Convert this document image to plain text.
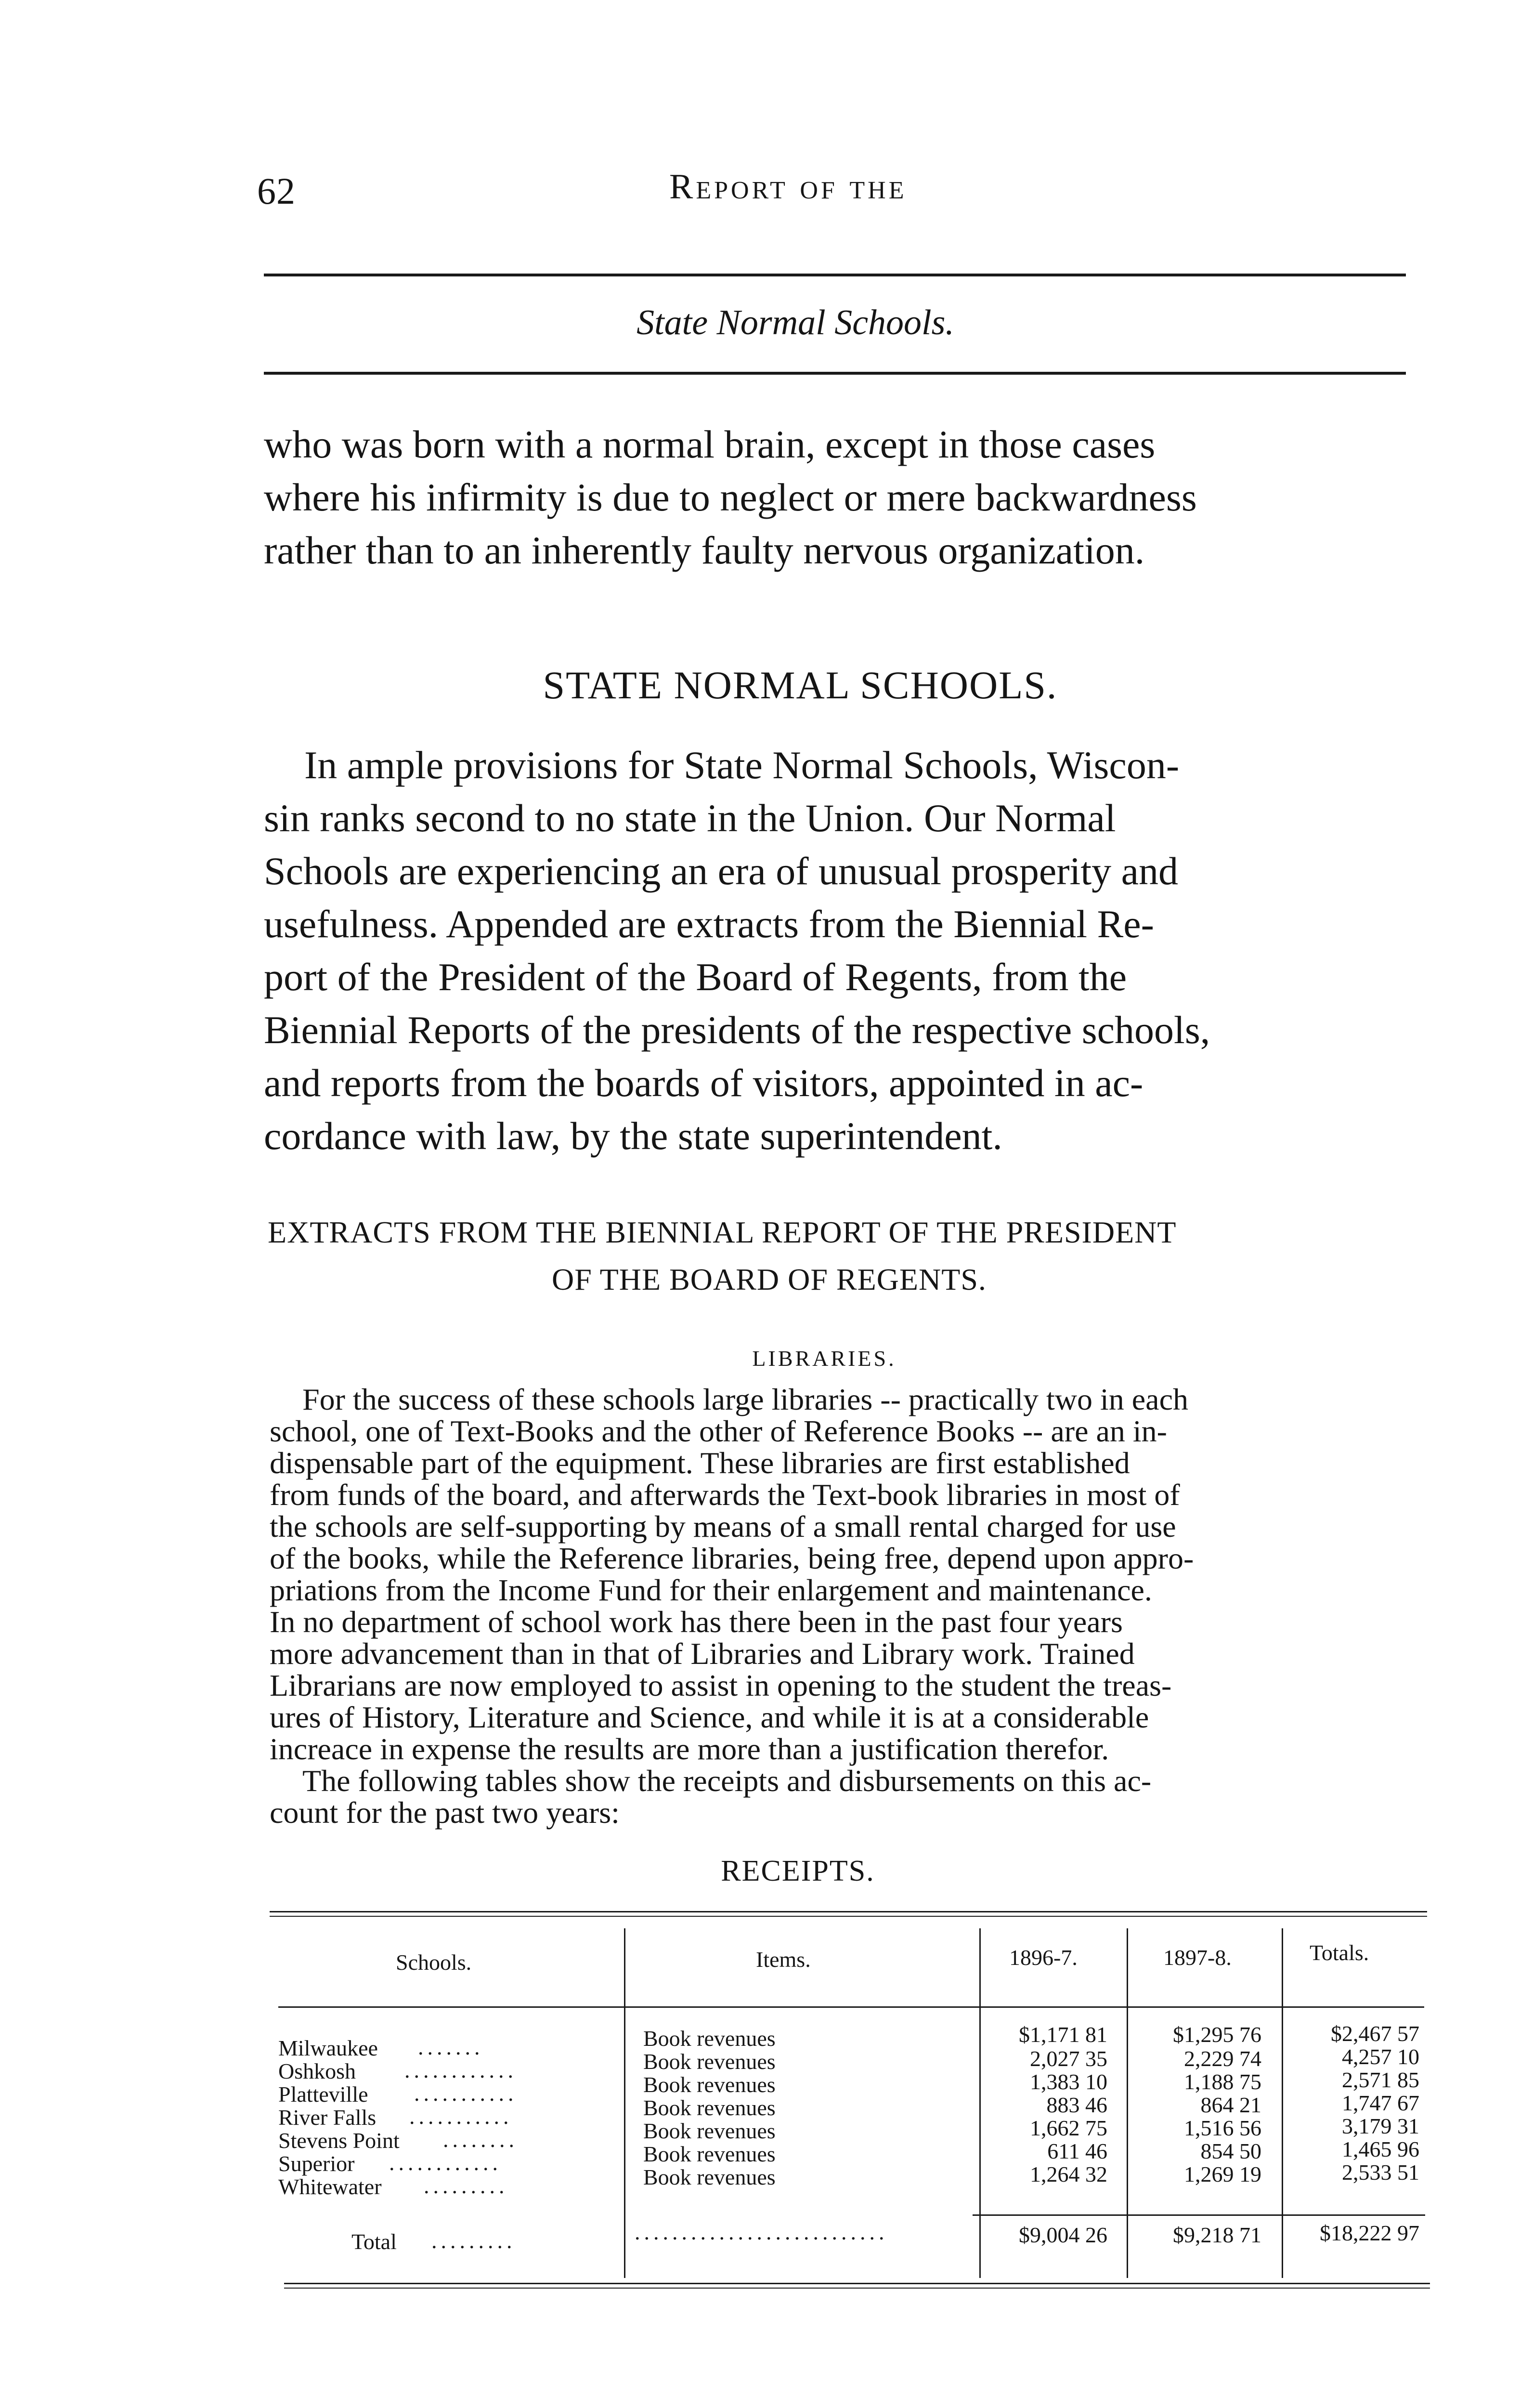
62	Report of the
State Normal Schools.
who was born with a normal brain, except in those cases
where his infirmity is due to neglect or mere backwardness
rather than to an inherently faulty nervous organization.
STATE NORMAL SCHOOLS.
In ample provisions for State Normal Schools, Wiscon-
sin ranks second to no state in the Union. Our Normal
Schools are experiencing an era of unusual prosperity and
usefulness. Appended are extracts from the Biennial Re-
port of the President of the Board of Regents, from the
Biennial Reports of the presidents of the respective schools,
and reports from the boards of visitors, appointed in ac-
cordance with law, by the state superintendent.
EXTRACTS FROM THE BIENNIAL REPORT OF THE PRESIDENT
OF THE BOARD OF REGENTS.
LIBRARIES.
For the success of these schools large libraries -- practically two in each
school, one of Text-Books and the other of Reference Books -- are an in-
dispensable part of the equipment. These libraries are first established
from funds of the board, and afterwards the Text-book libraries in most of
the schools are self-supporting by means of a small rental charged for use
of the books, while the Reference libraries, being free, depend upon appro-
priations from the Income Fund for their enlargement and maintenance.
In no department of school work has there been in the past four years
more advancement than in that of Libraries and Library work. Trained
Librarians are now employed to assist in opening to the student the treas-
ures of History, Literature and Science, and while it is at a considerable
increace in expense the results are more than a justification therefor.
The following tables show the receipts and disbursements on this ac-
count for the past two years:
RECEIPTS.
Schools.	Items.	1896-7.	1897-8.	Totals.
Milwaukee .......	Book revenues	$1,171 81	$1,295 76	$2,467 57
Oshkosh ............	Book revenues	2,027 35	2,229 74	4,257 10
Platteville ...........	Book revenues	1,383 10	1,188 75	2,571 85
River Falls ...........	Book revenues	883 46	864 21	1,747 67
Stevens Point ........	Book revenues	1,662 75	1,516 56	3,179 31
Superior ............	Book revenues	611 46	854 50	1,465 96
Whitewater .........	Book revenues	1,264 32	1,269 19	2,533 51
Total .........	...........................	$9,004 26	$9,218 71	$18,222 97
